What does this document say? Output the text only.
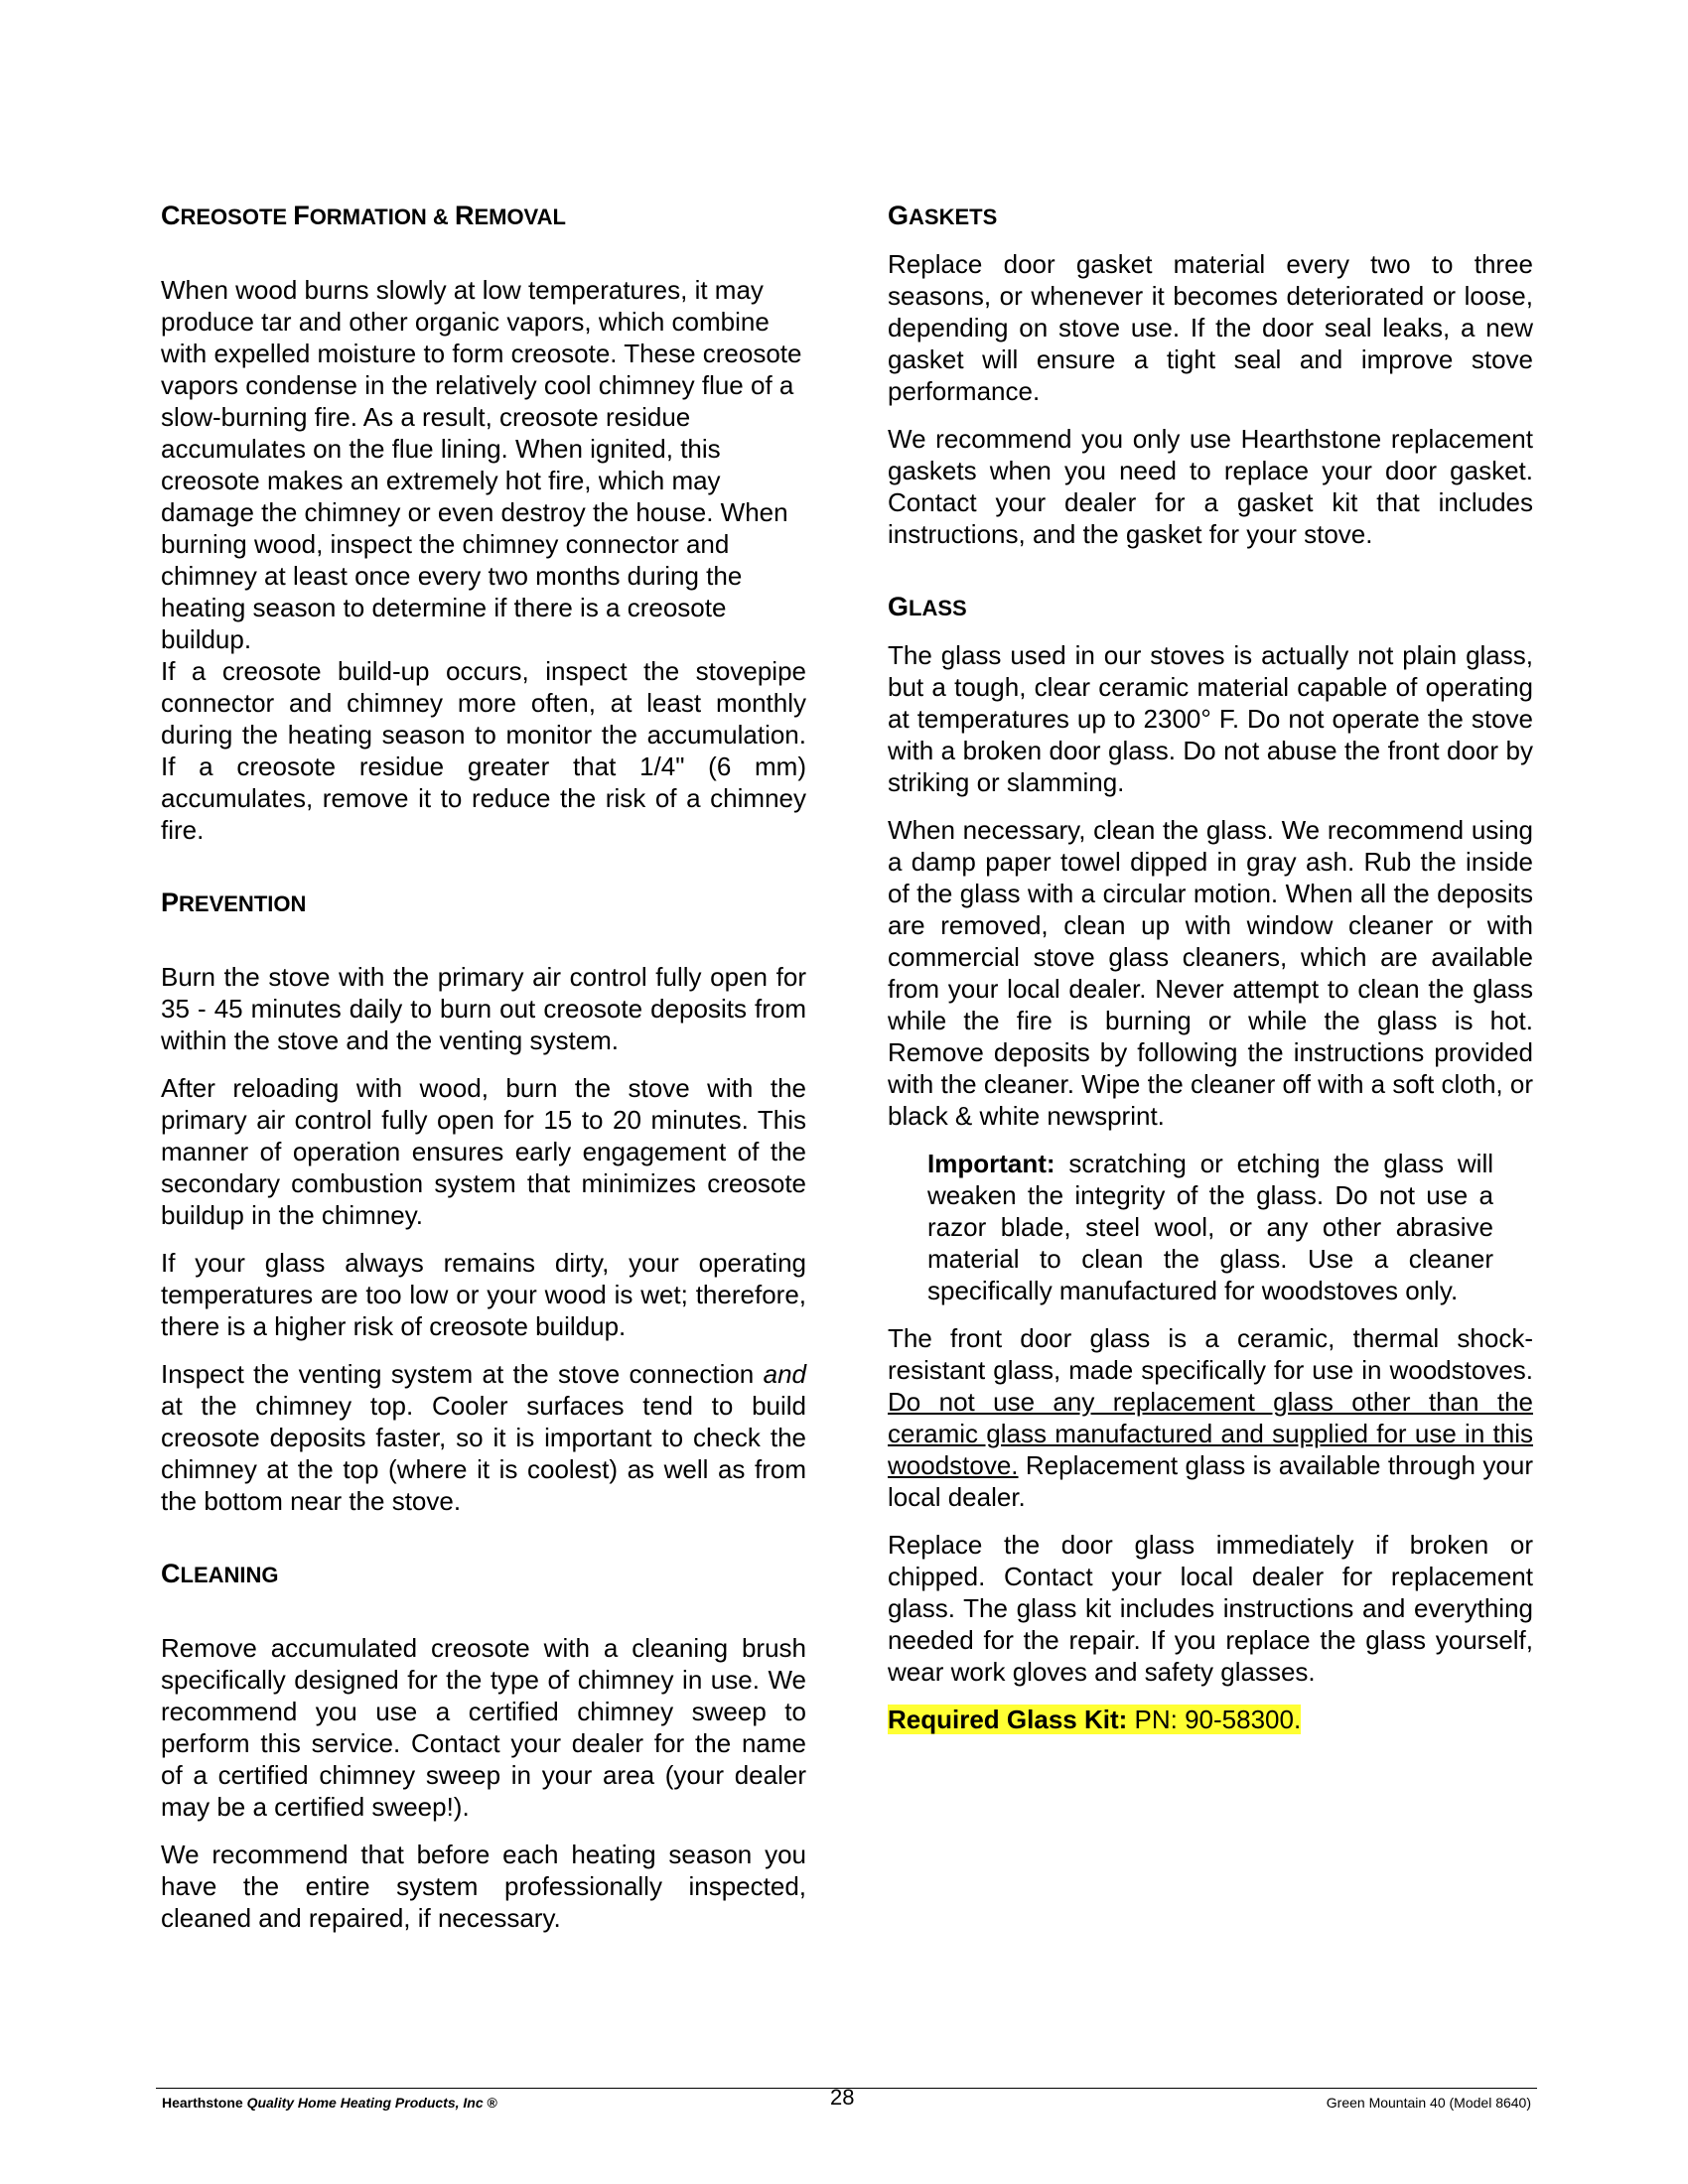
CREOSOTE FORMATION & REMOVAL

When wood burns slowly at low temperatures, it may produce tar and other organic vapors, which combine with expelled moisture to form creosote. These creosote vapors condense in the relatively cool chimney flue of a slow-burning fire. As a result, creosote residue accumulates on the flue lining. When ignited, this creosote makes an extremely hot fire, which may damage the chimney or even destroy the house. When burning wood, inspect the chimney connector and chimney at least once every two months during the heating season to determine if there is a creosote buildup.

If a creosote build-up occurs, inspect the stovepipe connector and chimney more often, at least monthly during the heating season to monitor the accumulation. If a creosote residue greater that 1/4" (6 mm) accumulates, remove it to reduce the risk of a chimney fire.

PREVENTION

Burn the stove with the primary air control fully open for 35 - 45 minutes daily to burn out creosote deposits from within the stove and the venting system.

After reloading with wood, burn the stove with the primary air control fully open for 15 to 20 minutes. This manner of operation ensures early engagement of the secondary combustion system that minimizes creosote buildup in the chimney.

If your glass always remains dirty, your operating temperatures are too low or your wood is wet; therefore, there is a higher risk of creosote buildup.

Inspect the venting system at the stove connection and at the chimney top. Cooler surfaces tend to build creosote deposits faster, so it is important to check the chimney at the top (where it is coolest) as well as from the bottom near the stove.

CLEANING

Remove accumulated creosote with a cleaning brush specifically designed for the type of chimney in use. We recommend you use a certified chimney sweep to perform this service. Contact your dealer for the name of a certified chimney sweep in your area (your dealer may be a certified sweep!).

We recommend that before each heating season you have the entire system professionally inspected, cleaned and repaired, if necessary.

GASKETS

Replace door gasket material every two to three seasons, or whenever it becomes deteriorated or loose, depending on stove use. If the door seal leaks, a new gasket will ensure a tight seal and improve stove performance.

We recommend you only use Hearthstone replacement gaskets when you need to replace your door gasket. Contact your dealer for a gasket kit that includes instructions, and the gasket for your stove.

GLASS

The glass used in our stoves is actually not plain glass, but a tough, clear ceramic material capable of operating at temperatures up to 2300° F. Do not operate the stove with a broken door glass. Do not abuse the front door by striking or slamming.

When necessary, clean the glass. We recommend using a damp paper towel dipped in gray ash. Rub the inside of the glass with a circular motion. When all the deposits are removed, clean up with window cleaner or with commercial stove glass cleaners, which are available from your local dealer. Never attempt to clean the glass while the fire is burning or while the glass is hot. Remove deposits by following the instructions provided with the cleaner. Wipe the cleaner off with a soft cloth, or black & white newsprint.

Important: scratching or etching the glass will weaken the integrity of the glass. Do not use a razor blade, steel wool, or any other abrasive material to clean the glass. Use a cleaner specifically manufactured for woodstoves only.

The front door glass is a ceramic, thermal shock-resistant glass, made specifically for use in woodstoves. Do not use any replacement glass other than the ceramic glass manufactured and supplied for use in this woodstove. Replacement glass is available through your local dealer.

Replace the door glass immediately if broken or chipped. Contact your local dealer for replacement glass. The glass kit includes instructions and everything needed for the repair. If you replace the glass yourself, wear work gloves and safety glasses.

Required Glass Kit: PN: 90-58300.

Hearthstone Quality Home Heating Products, Inc ®	28	Green Mountain 40 (Model 8640)
